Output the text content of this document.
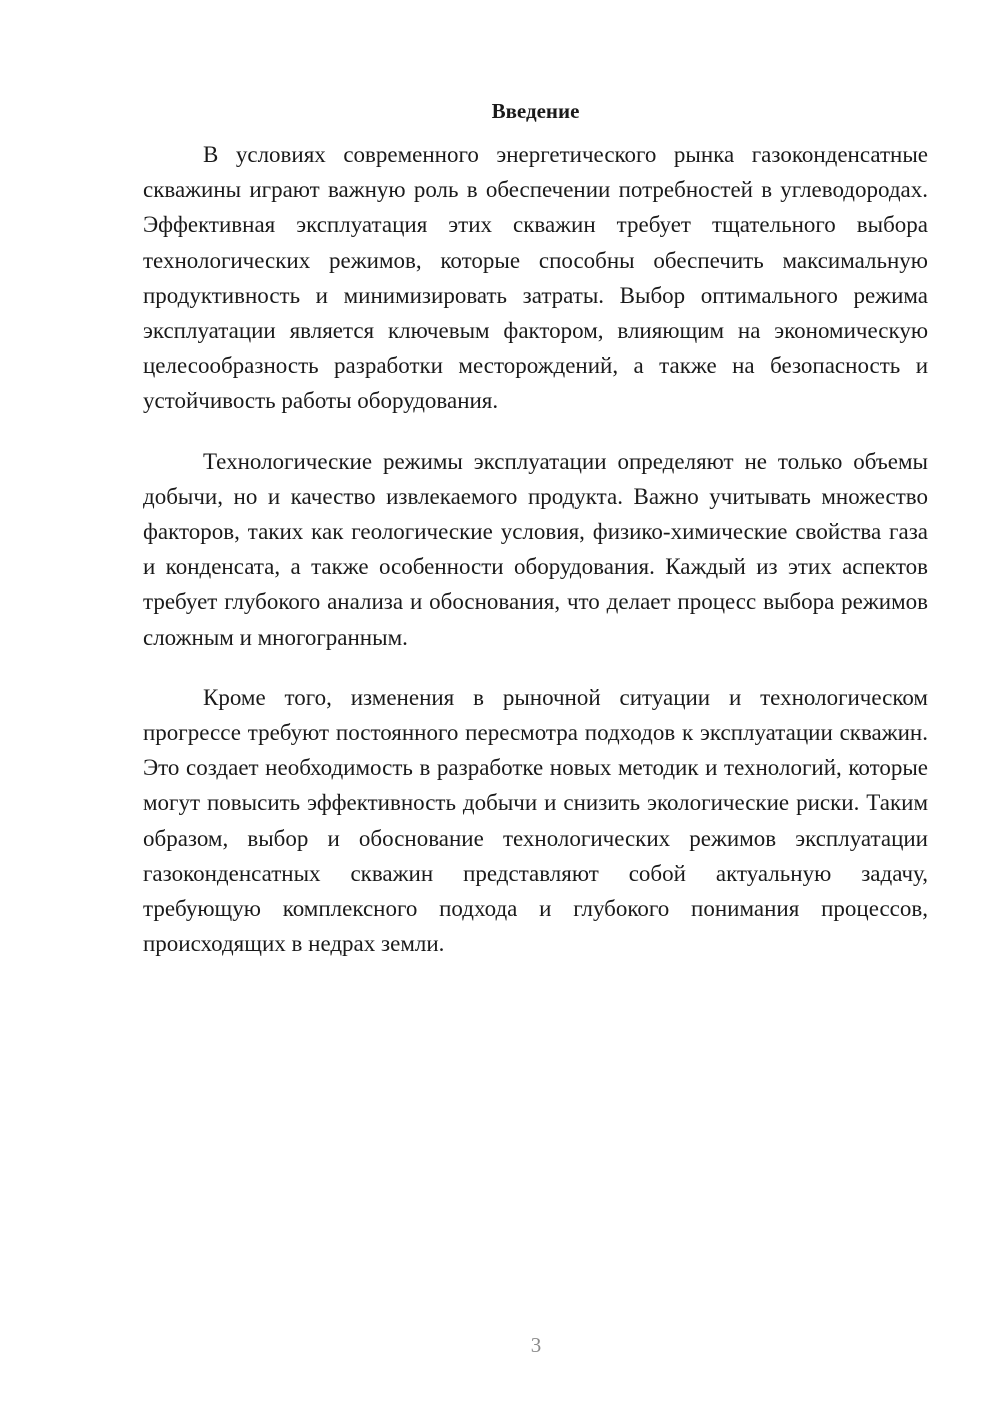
Введение

В условиях современного энергетического рынка газоконденсатные скважины играют важную роль в обеспечении потребностей в углеводородах. Эффективная эксплуатация этих скважин требует тщательного выбора технологических режимов, которые способны обеспечить максимальную продуктивность и минимизировать затраты. Выбор оптимального режима эксплуатации является ключевым фактором, влияющим на экономическую целесообразность разработки месторождений, а также на безопасность и устойчивость работы оборудования.

Технологические режимы эксплуатации определяют не только объемы добычи, но и качество извлекаемого продукта. Важно учитывать множество факторов, таких как геологические условия, физико-химические свойства газа и конденсата, а также особенности оборудования. Каждый из этих аспектов требует глубокого анализа и обоснования, что делает процесс выбора режимов сложным и многогранным.

Кроме того, изменения в рыночной ситуации и технологическом прогрессе требуют постоянного пересмотра подходов к эксплуатации скважин. Это создает необходимость в разработке новых методик и технологий, которые могут повысить эффективность добычи и снизить экологические риски. Таким образом, выбор и обоснование технологических режимов эксплуатации газоконденсатных скважин представляют собой актуальную задачу, требующую комплексного подхода и глубокого понимания процессов, происходящих в недрах земли.

3
